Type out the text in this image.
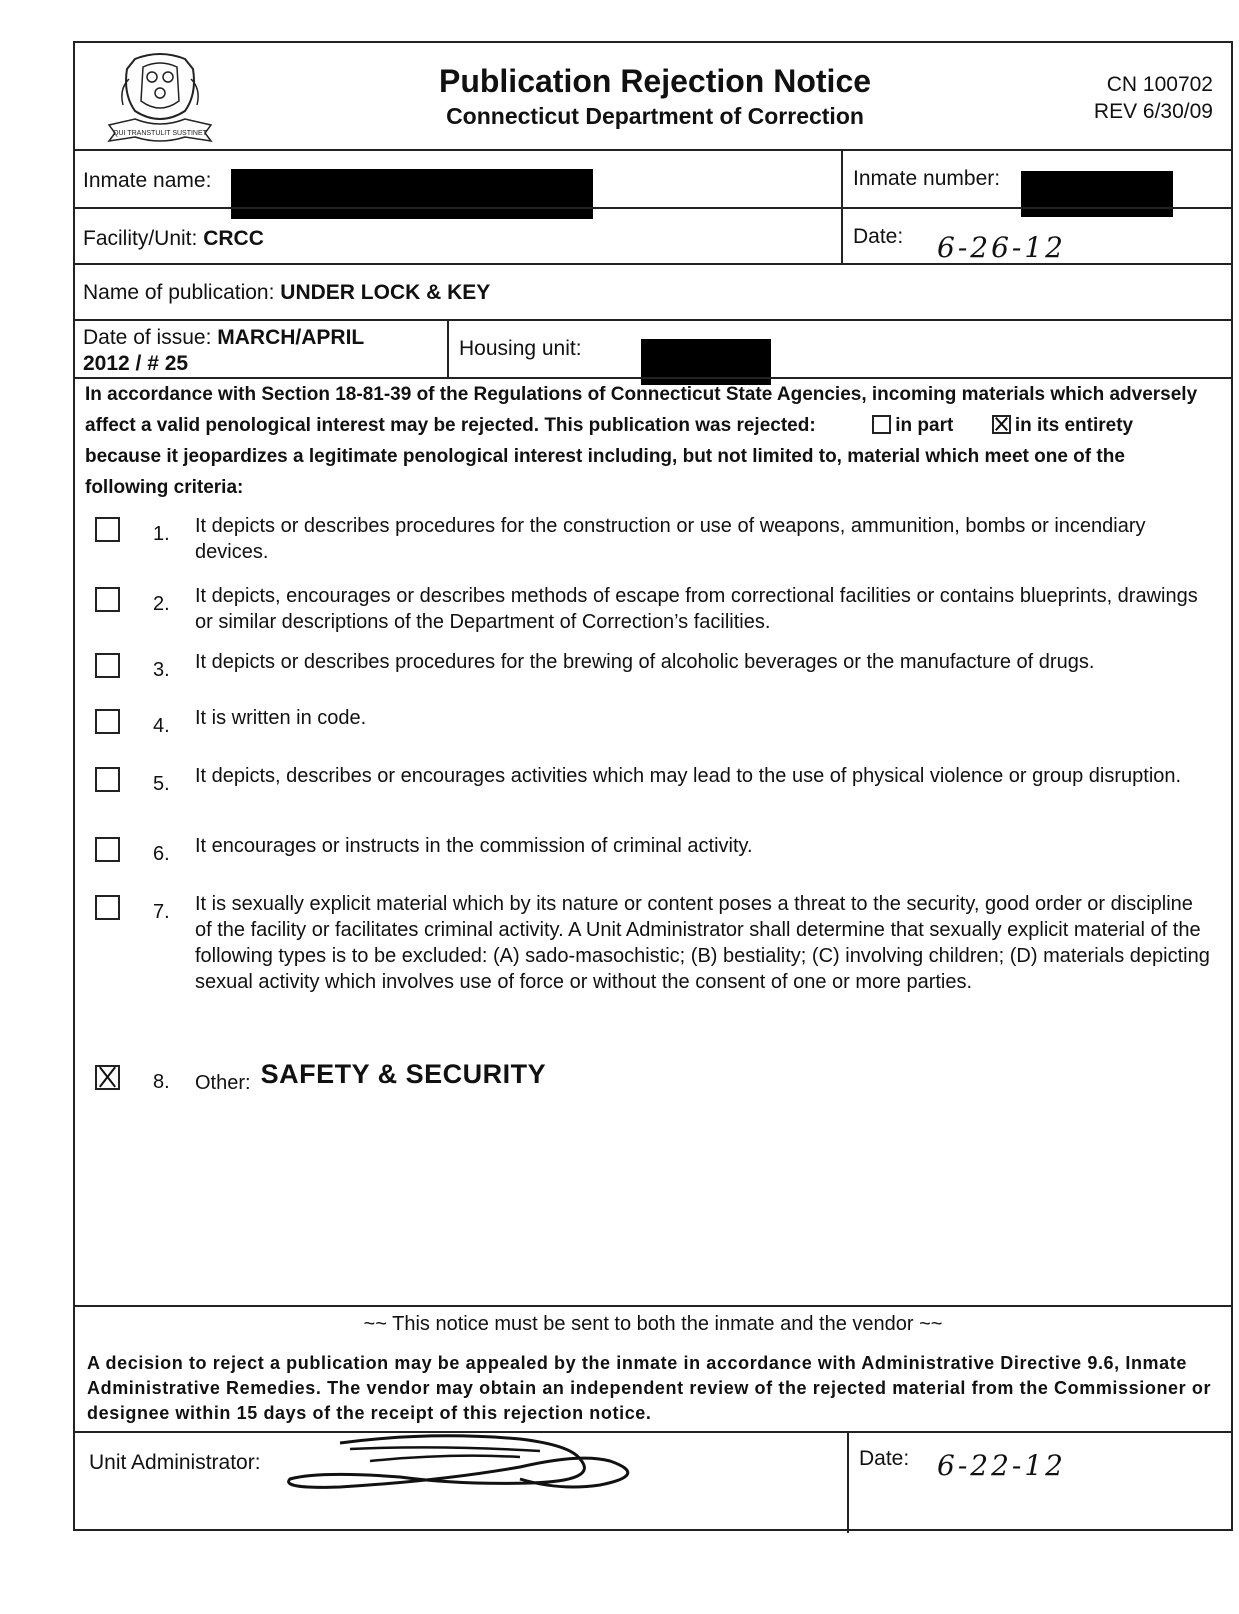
QUI TRANSTULIT SUSTINET
Publication Rejection Notice
Connecticut Department of Correction
CN 100702
REV 6/30/09
Inmate name:	Inmate number:
Facility/Unit: CRCC	Date: 6-26-12
Name of publication: UNDER LOCK & KEY
Date of issue: MARCH/APRIL
2012 / # 25
Housing unit:
In accordance with Section 18-81-39 of the Regulations of Connecticut State Agencies, incoming materials which adversely
affect a valid penological interest may be rejected. This publication was rejected:	in part	in its entirety
because it jeopardizes a legitimate penological interest including, but not limited to, material which meet one of the
following criteria:
1. It depicts or describes procedures for the construction or use of weapons, ammunition, bombs or incendiary devices.
2. It depicts, encourages or describes methods of escape from correctional facilities or contains blueprints, drawings or similar descriptions of the Department of Correction’s facilities.
3. It depicts or describes procedures for the brewing of alcoholic beverages or the manufacture of drugs.
4. It is written in code.
5. It depicts, describes or encourages activities which may lead to the use of physical violence or group disruption.
6. It encourages or instructs in the commission of criminal activity.
7. It is sexually explicit material which by its nature or content poses a threat to the security, good order or discipline of the facility or facilitates criminal activity. A Unit Administrator shall determine that sexually explicit material of the following types is to be excluded: (A) sado-masochistic; (B) bestiality; (C) involving children; (D) materials depicting sexual activity which involves use of force or without the consent of one or more parties.
8. Other: SAFETY & SECURITY
~~ This notice must be sent to both the inmate and the vendor ~~
A decision to reject a publication may be appealed by the inmate in accordance with Administrative Directive 9.6, Inmate Administrative Remedies. The vendor may obtain an independent review of the rejected material from the Commissioner or designee within 15 days of the receipt of this rejection notice.
Unit Administrator:	Date: 6-22-12
